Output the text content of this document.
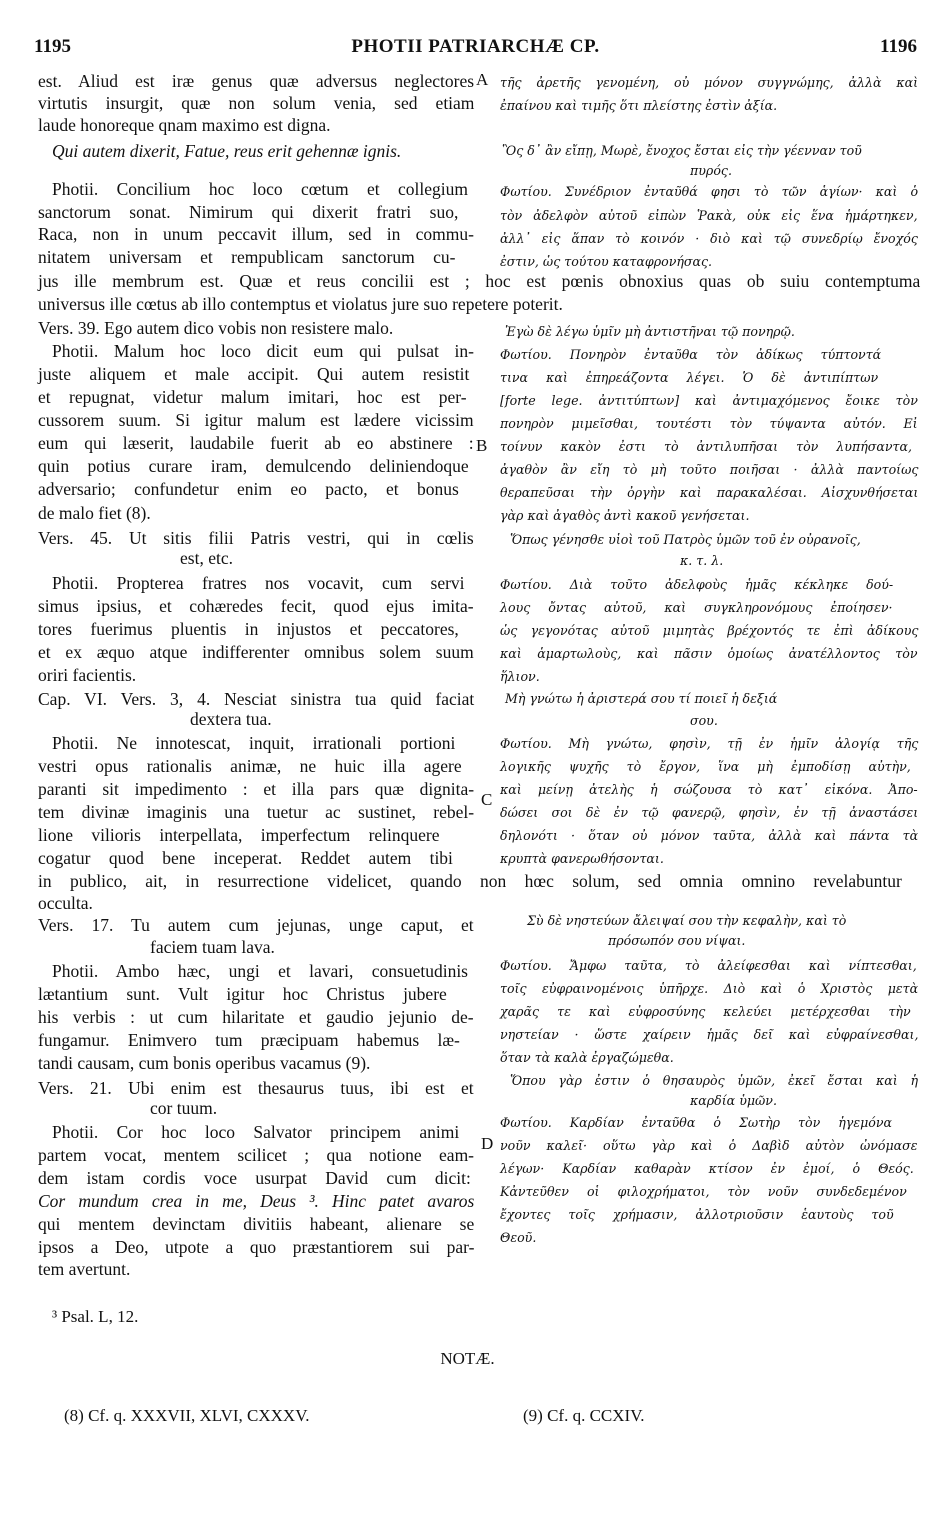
1195	PHOTII PATRIARCHÆ CP.	1196
est. Aliud est iræ genus quæ adversus neglectores
virtutis insurgit, quæ non solum venia, sed etiam
laude honoreque qnam maximo est digna.
Qui autem dixerit, Fatue, reus erit gehennæ ignis.
Photii. Concilium hoc loco cœtum et collegium
sanctorum sonat. Nimirum qui dixerit fratri suo,
Raca, non in unum peccavit illum, sed in commu-
nitatem universam et rempublicam sanctorum cu-
Vers. 39. Ego autem dico vobis non resistere malo.
Photii. Malum hoc loco dicit eum qui pulsat in-
juste aliquem et male accipit. Qui autem resistit
et repugnat, videtur malum imitari, hoc est per-
cussorem suum. Si igitur malum est lædere vicissim
eum qui læserit, laudabile fuerit ab eo abstinere :
quin potius curare iram, demulcendo deliniendoque
adversario; confundetur enim eo pacto, et bonus
de malo fiet (8).
Vers. 45. Ut sitis filii Patris vestri, qui in cœlis
est, etc.
Photii. Propterea fratres nos vocavit, cum servi
simus ipsius, et cohæredes fecit, quod ejus imita-
tores fuerimus pluentis in injustos et peccatores,
et ex æquo atque indifferenter omnibus solem suum
oriri facientis.
Cap. VI. Vers. 3, 4. Nesciat sinistra tua quid faciat
dextera tua.
Photii. Ne innotescat, inquit, irrationali portioni
vestri opus rationalis animæ, ne huic illa agere
paranti sit impedimento : et illa pars quæ dignita-
tem divinæ imaginis una tuetur ac sustinet, rebel-
lione vilioris interpellata, imperfectum relinquere
cogatur quod bene inceperat. Reddet autem tibi
occulta.
Vers. 17. Tu autem cum jejunas, unge caput, et
faciem tuam lava.
Photii. Ambo hæc, ungi et lavari, consuetudinis
lætantium sunt. Vult igitur hoc Christus jubere
his verbis : ut cum hilaritate et gaudio jejunio de-
fungamur. Enimvero tum præcipuam habemus læ-
tandi causam, cum bonis operibus vacamus (9).
Vers. 21. Ubi enim est thesaurus tuus, ibi est et
cor tuum.
Photii. Cor hoc loco Salvator principem animi
partem vocat, mentem scilicet ; qua notione eam-
dem istam cordis voce usurpat David cum dicit:
Cor mundum crea in me, Deus ³. Hinc patet avaros
qui mentem devinctam divitiis habeant, alienare se
ipsos a Deo, utpote a quo præstantiorem sui par-
tem avertunt.
jus ille membrum est. Quæ et reus concilii est ; hoc est pœnis obnoxius quas ob suiu contemptuma
universus ille cœtus ab illo contemptus et violatus jure suo repetere poterit.
in publico, ait, in resurrectione videlicet, quando non hœc solum, sed omnia omnino revelabuntur
τῆς ἀρετῆς γενομένη, οὐ μόνον συγγνώμης, ἀλλὰ καὶ
ἐπαίνου καὶ τιμῆς ὅτι πλείστης ἐστὶν ἀξία.
Ὃς δ᾽ ἂν εἴπῃ, Μωρὲ, ἔνοχος ἔσται εἰς τὴν γέενναν τοῦ
πυρός.
Φωτίου. Συνέδριον ἐνταῦθά φησι τὸ τῶν ἁγίων· καὶ ὁ
τὸν ἀδελφὸν αὐτοῦ εἰπὼν Ῥακὰ, οὐκ εἰς ἕνα ἡμάρτηκεν,
ἀλλ᾽ εἰς ἅπαν τὸ κοινόν · διὸ καὶ τῷ συνεδρίῳ ἔνοχός
ἐστιν, ὡς τούτου καταφρονήσας.
Ἐγὼ δὲ λέγω ὑμῖν μὴ ἀντιστῆναι τῷ πονηρῷ.
Φωτίου. Πονηρὸν ἐνταῦθα τὸν ἀδίκως τύπτοντά
τινα καὶ ἐπηρεάζοντα λέγει. Ὁ δὲ ἀντιπίπτων
[forte lege. ἀντιτύπτων] καὶ ἀντιμαχόμενος ἔοικε τὸν
πονηρὸν μιμεῖσθαι, τουτέστι τὸν τύψαντα αὐτόν. Εἰ
τοίνυν κακὸν ἐστι τὸ ἀντιλυπῆσαι τὸν λυπήσαντα,
ἀγαθὸν ἂν εἴη τὸ μὴ τοῦτο ποιῆσαι · ἀλλὰ παντοίως
θεραπεῦσαι τὴν ὀργὴν καὶ παρακαλέσαι. Αἰσχυνθήσεται
γὰρ καὶ ἀγαθὸς ἀντὶ κακοῦ γενήσεται.
Ὅπως γένησθε υἱοὶ τοῦ Πατρὸς ὑμῶν τοῦ ἐν οὐρανοῖς,
κ. τ. λ.
Φωτίου. Διὰ τοῦτο ἀδελφοὺς ἡμᾶς κέκληκε δού-
λους ὄντας αὐτοῦ, καὶ συγκληρονόμους ἐποίησεν·
ὡς γεγονότας αὐτοῦ μιμητὰς βρέχοντός τε ἐπὶ ἀδίκους
καὶ ἁμαρτωλοὺς, καὶ πᾶσιν ὁμοίως ἀνατέλλοντος τὸν
ἥλιον.
Μὴ γνώτω ἡ ἀριστερά σου τί ποιεῖ ἡ δεξιά
σου.
Φωτίου. Μὴ γνώτω, φησὶν, τῇ ἐν ἡμῖν ἀλογίᾳ τῆς
λογικῆς ψυχῆς τὸ ἔργον, ἵνα μὴ ἐμποδίσῃ αὐτὴν,
καὶ μείνῃ ἀτελὴς ἡ σώζουσα τὸ κατ᾽ εἰκόνα. Ἀπο-
δώσει σοι δὲ ἐν τῷ φανερῷ, φησὶν, ἐν τῇ ἀναστάσει
δηλονότι · ὅταν οὐ μόνον ταῦτα, ἀλλὰ καὶ πάντα τὰ
κρυπτὰ φανερωθήσονται.
Σὺ δὲ νηστεύων ἄλειψαί σου τὴν κεφαλὴν, καὶ τὸ
πρόσωπόν σου νίψαι.
Φωτίου. Ἄμφω ταῦτα, τὸ ἀλείφεσθαι καὶ νίπτεσθαι,
τοῖς εὐφραινομένοις ὑπῆρχε. Διὸ καὶ ὁ Χριστὸς μετὰ
χαρᾶς τε καὶ εὐφροσύνης κελεύει μετέρχεσθαι τὴν
νηστείαν · ὥστε χαίρειν ἡμᾶς δεῖ καὶ εὐφραίνεσθαι,
ὅταν τὰ καλὰ ἐργαζώμεθα.
Ὅπου γὰρ ἐστιν ὁ θησαυρὸς ὑμῶν, ἐκεῖ ἔσται καὶ ἡ
καρδία ὑμῶν.
Φωτίου. Καρδίαν ἐνταῦθα ὁ Σωτὴρ τὸν ἡγεμόνα
νοῦν καλεῖ· οὕτω γὰρ καὶ ὁ Δαβὶδ αὐτὸν ὠνόμασε
λέγων· Καρδίαν καθαρὰν κτίσον ἐν ἐμοί, ὁ Θεός.
Κἀντεῦθεν οἱ φιλοχρήματοι, τὸν νοῦν συνδεδεμένον
ἔχοντες τοῖς χρήμασιν, ἀλλοτριοῦσιν ἑαυτοὺς τοῦ
Θεοῦ.
A
B
C
D
³ Psal. L, 12.
NOTÆ.
(8) Cf. q. XXXVII, XLVI, CXXXV.	(9) Cf. q. CCXIV.
